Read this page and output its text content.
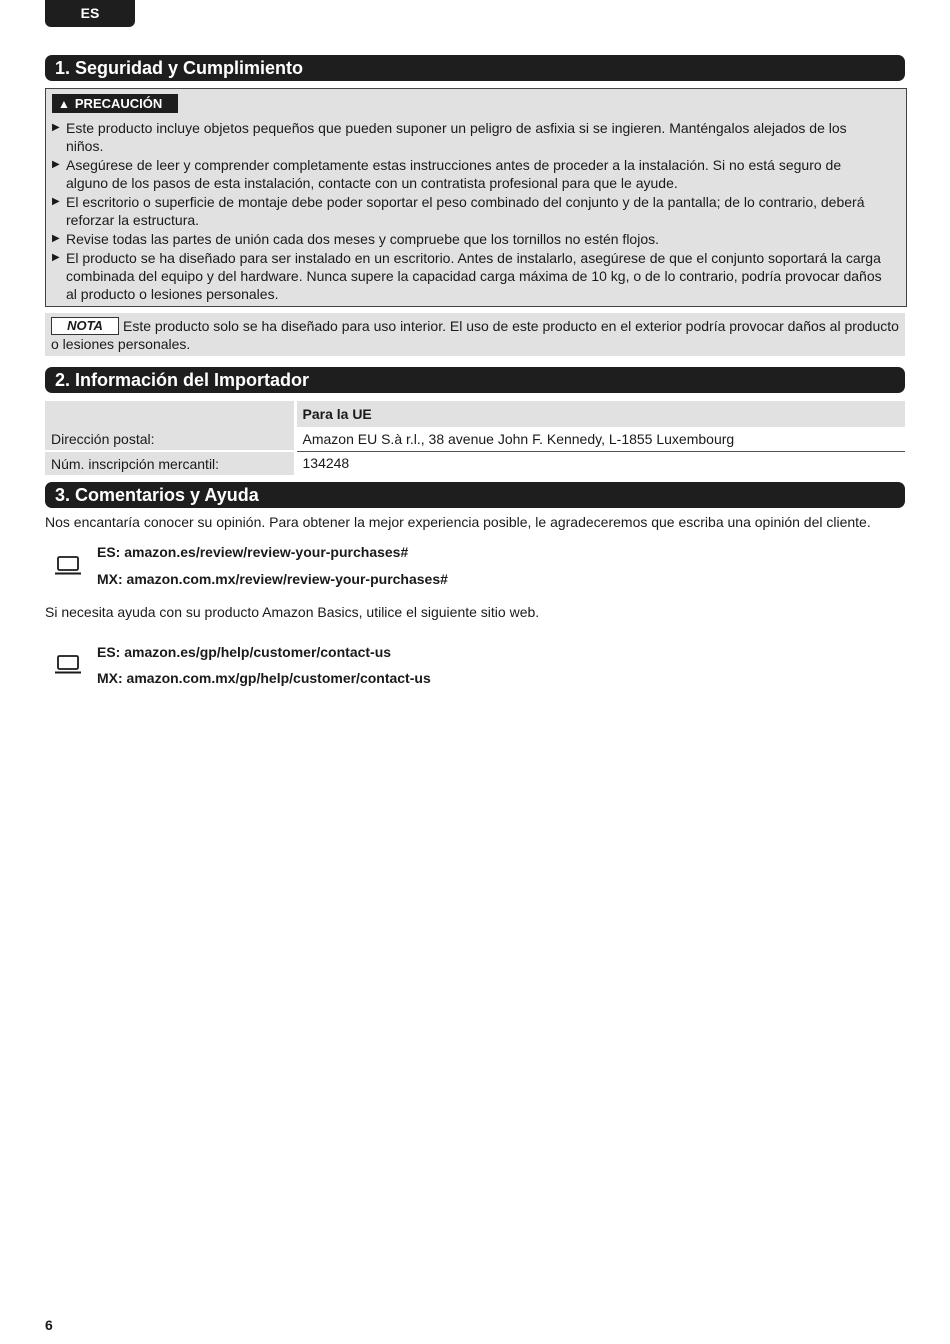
ES
1. Seguridad y Cumplimiento
▲ PRECAUCIÓN
▶ Este producto incluye objetos pequeños que pueden suponer un peligro de asfixia si se ingieren. Manténgalos alejados de los niños.
▶ Asegúrese de leer y comprender completamente estas instrucciones antes de proceder a la instalación. Si no está seguro de alguno de los pasos de esta instalación, contacte con un contratista profesional para que le ayude.
▶ El escritorio o superficie de montaje debe poder soportar el peso combinado del conjunto y de la pantalla; de lo contrario, deberá reforzar la estructura.
▶ Revise todas las partes de unión cada dos meses y compruebe que los tornillos no estén flojos.
▶ El producto se ha diseñado para ser instalado en un escritorio. Antes de instalarlo, asegúrese de que el conjunto soportará la carga combinada del equipo y del hardware. Nunca supere la capacidad carga máxima de 10 kg, o de lo contrario, podría provocar daños al producto o lesiones personales.
NOTA Este producto solo se ha diseñado para uso interior. El uso de este producto en el exterior podría provocar daños al producto o lesiones personales.
2. Información del Importador
	Para la UE
Dirección postal:	Amazon EU S.à r.l., 38 avenue John F. Kennedy, L-1855 Luxembourg
Núm. inscripción mercantil:	134248
3. Comentarios y Ayuda
Nos encantaría conocer su opinión. Para obtener la mejor experiencia posible, le agradeceremos que escriba una opinión del cliente.
ES: amazon.es/review/review-your-purchases#
MX: amazon.com.mx/review/review-your-purchases#
Si necesita ayuda con su producto Amazon Basics, utilice el siguiente sitio web.
ES: amazon.es/gp/help/customer/contact-us
MX: amazon.com.mx/gp/help/customer/contact-us
6
